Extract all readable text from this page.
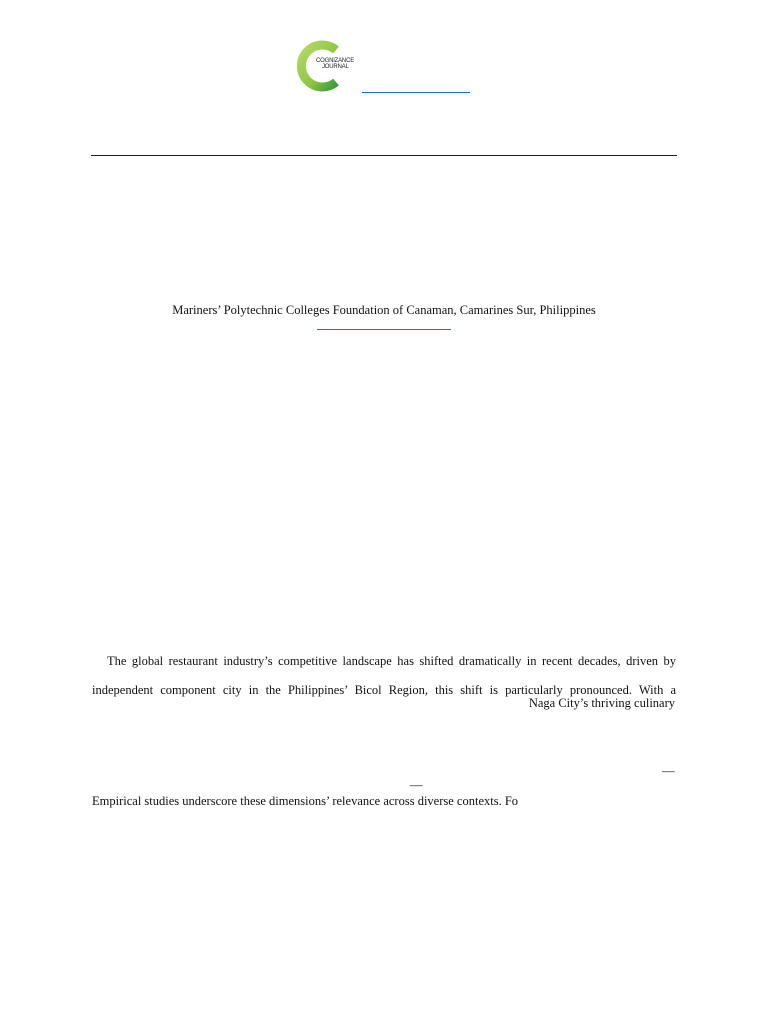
COGNIZANCE
JOURNAL
Mariners’ Polytechnic Colleges Foundation of Canaman, Camarines Sur, Philippines
The global restaurant industry’s competitive landscape has shifted dramatically in recent decades, driven by
independent component city in the Philippines’ Bicol Region, this shift is particularly pronounced. With a
Naga City’s thriving culinary
—
—
Empirical studies underscore these dimensions’ relevance across diverse contexts. Fo
